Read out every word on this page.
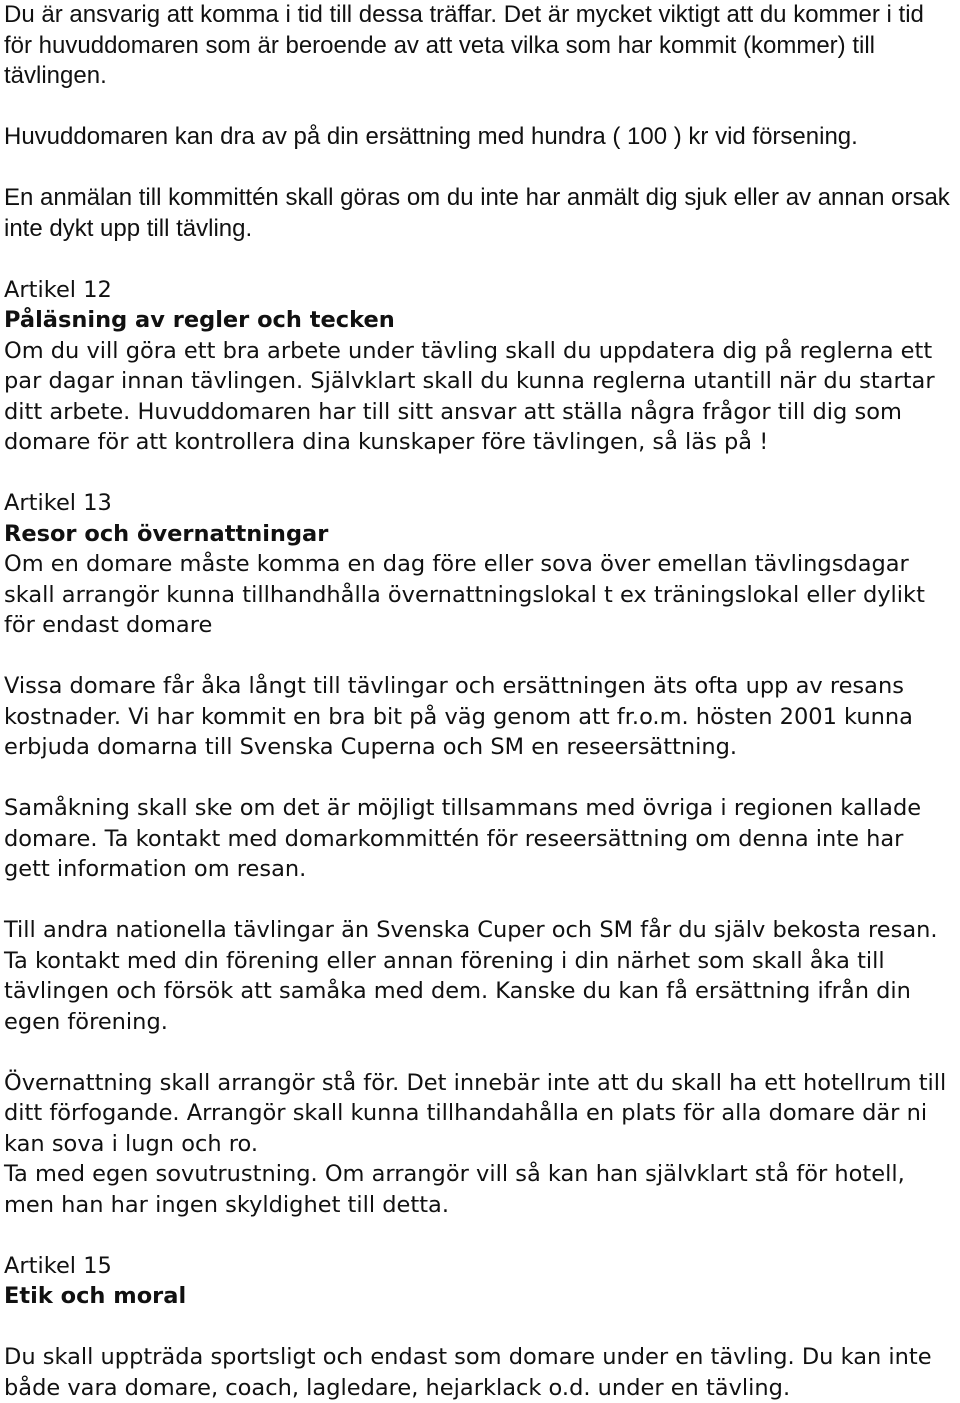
Du är ansvarig att komma i tid till dessa träffar. Det är mycket viktigt att du kommer i tid för huvuddomaren som är beroende av att veta vilka som har kommit (kommer) till tävlingen.

Huvuddomaren kan dra av på din ersättning med hundra ( 100 ) kr vid försening.

En anmälan till kommittén skall göras om du inte har anmält dig sjuk eller av annan orsak inte dykt upp till tävling.

Artikel 12

Påläsning av regler och tecken

Om du vill göra ett bra arbete under tävling skall du uppdatera dig på reglerna ett par dagar innan tävlingen. Självklart skall du kunna reglerna utantill när du startar ditt arbete. Huvuddomaren har till sitt ansvar att ställa några frågor till dig som domare för att kontrollera dina kunskaper före tävlingen, så läs på !

Artikel 13

Resor och övernattningar

Om en domare måste komma en dag före eller sova över emellan tävlingsdagar skall arrangör kunna tillhandhålla övernattningslokal t ex träningslokal eller dylikt för endast domare

Vissa domare får åka långt till tävlingar och ersättningen äts ofta upp av resans kostnader. Vi har kommit en bra bit på väg genom att fr.o.m. hösten 2001 kunna erbjuda domarna till Svenska Cuperna och SM en reseersättning.

Samåkning skall ske om det är möjligt tillsammans med övriga i regionen kallade domare. Ta kontakt med domarkommittén för reseersättning om denna inte har gett information om resan.

Till andra nationella tävlingar än Svenska Cuper och SM får du själv bekosta resan. Ta kontakt med din förening eller annan förening i din närhet som skall åka till tävlingen och försök att samåka med dem. Kanske du kan få ersättning ifrån din egen förening.

Övernattning skall arrangör stå för. Det innebär inte att du skall ha ett hotellrum till ditt förfogande. Arrangör skall kunna tillhandahålla en plats för alla domare där ni kan sova i lugn och ro.

Ta med egen sovutrustning. Om arrangör vill så kan han självklart stå för hotell, men han har ingen skyldighet till detta.

Artikel 15

Etik och moral

Du skall uppträda sportsligt och endast som domare under en tävling. Du kan inte både vara domare, coach, lagledare, hejarklack o.d. under en tävling.
